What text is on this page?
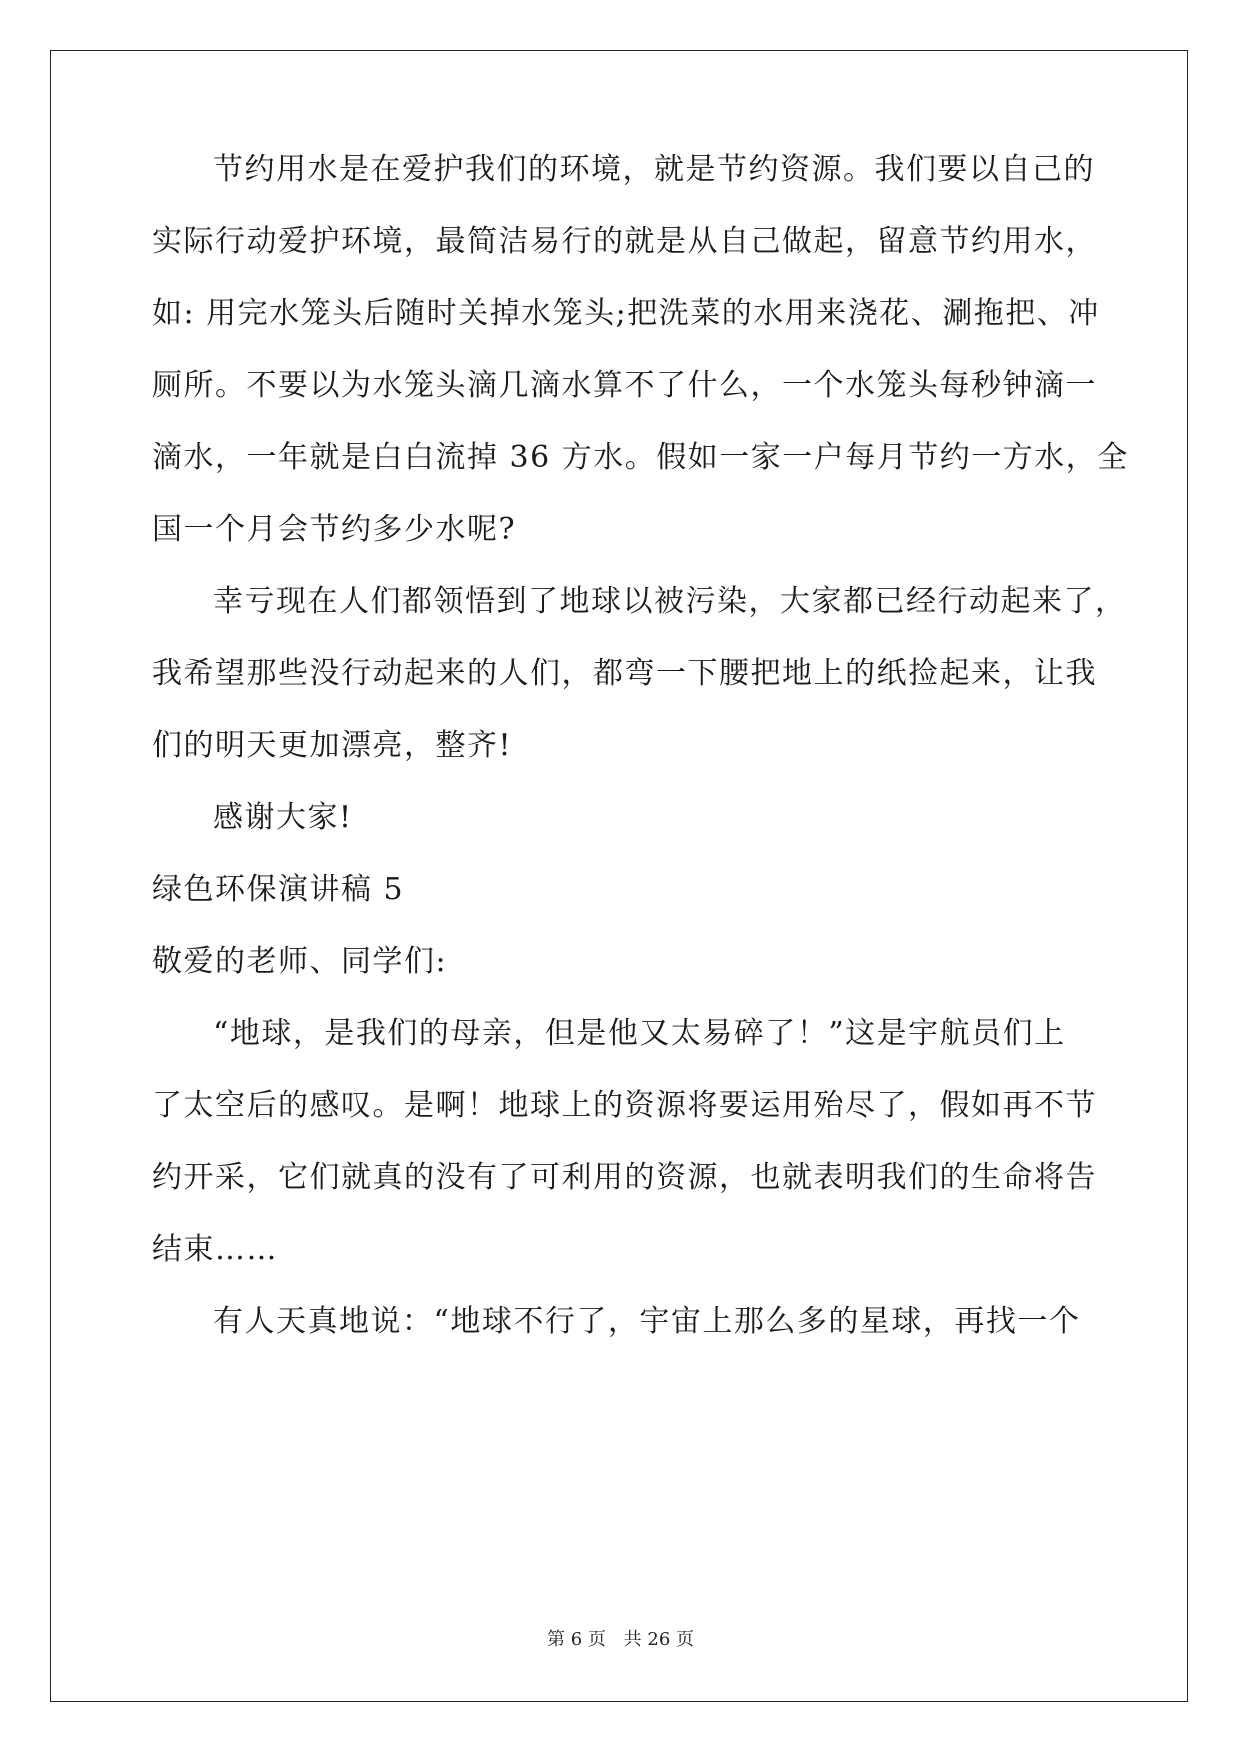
节约用水是在爱护我们的环境，就是节约资源。我们要以自己的
实际行动爱护环境，最简洁易行的就是从自己做起，留意节约用水，
如: 用完水笼头后随时关掉水笼头;把洗菜的水用来浇花、涮拖把、冲
厕所。不要以为水笼头滴几滴水算不了什么，一个水笼头每秒钟滴一
滴水，一年就是白白流掉 36 方水。假如一家一户每月节约一方水，全
国一个月会节约多少水呢?
幸亏现在人们都领悟到了地球以被污染，大家都已经行动起来了，
我希望那些没行动起来的人们，都弯一下腰把地上的纸捡起来，让我
们的明天更加漂亮，整齐!
感谢大家!
绿色环保演讲稿 5
敬爱的老师、同学们:
“地球，是我们的母亲，但是他又太易碎了！”这是宇航员们上
了太空后的感叹。是啊！地球上的资源将要运用殆尽了，假如再不节
约开采，它们就真的没有了可利用的资源，也就表明我们的生命将告
结束……
有人天真地说：“地球不行了，宇宙上那么多的星球，再找一个
第 6 页 共 26 页
